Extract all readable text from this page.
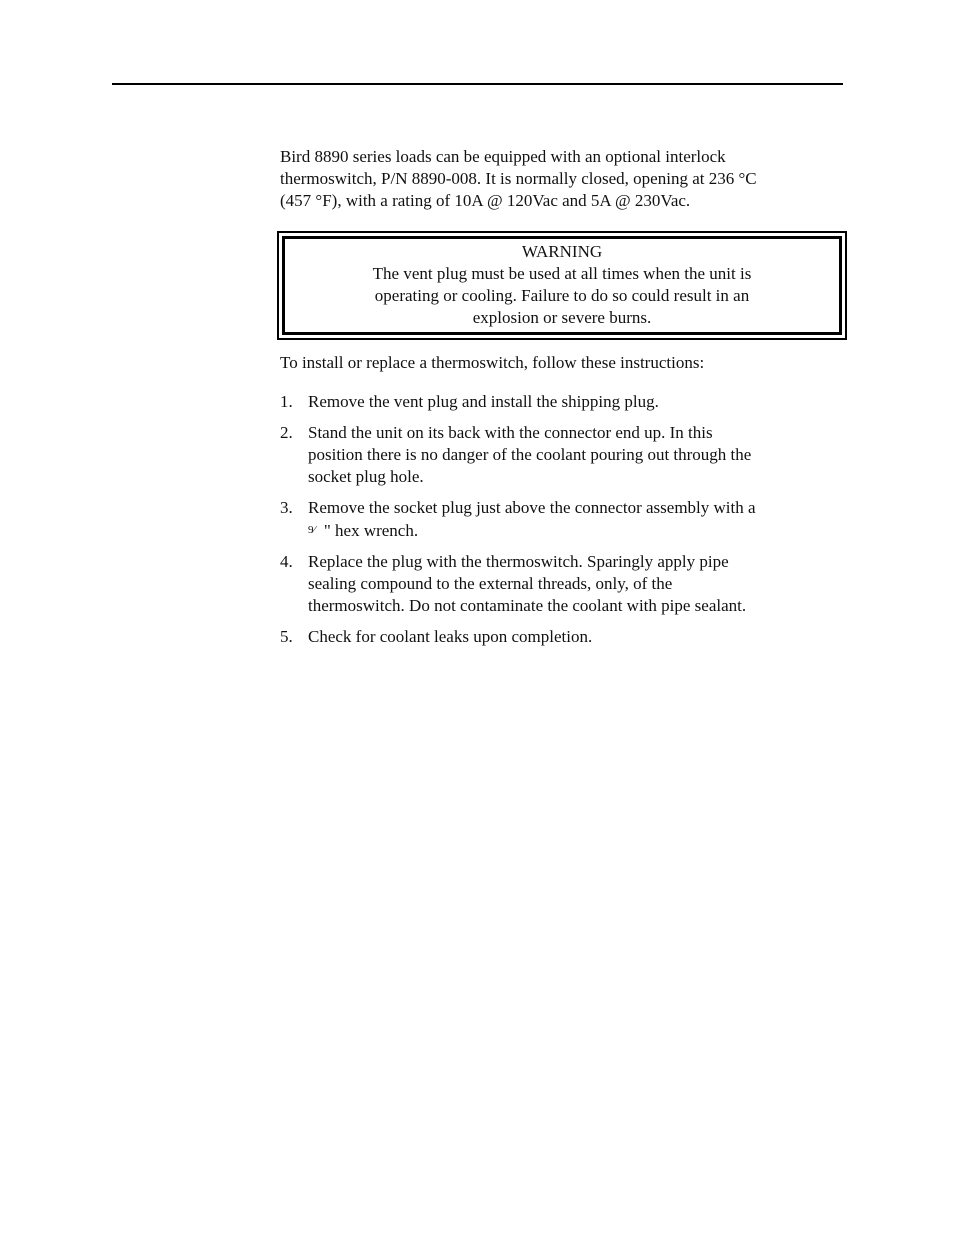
Bird 8890 series loads can be equipped with an optional interlock
thermoswitch, P/N 8890-008. It is normally closed, opening at 236 °C
(457 °F), with a rating of 10A @ 120Vac and 5A @ 230Vac.

WARNING
The vent plug must be used at all times when the unit is
operating or cooling. Failure to do so could result in an
explosion or severe burns.

To install or replace a thermoswitch, follow these instructions:

1. Remove the vent plug and install the shipping plug.
2. Stand the unit on its back with the connector end up. In this
position there is no danger of the coolant pouring out through the
socket plug hole.
3. Remove the socket plug just above the connector assembly with a
9⁄ " hex wrench.
4. Replace the plug with the thermoswitch. Sparingly apply pipe
sealing compound to the external threads, only, of the
thermoswitch. Do not contaminate the coolant with pipe sealant.
5. Check for coolant leaks upon completion.
